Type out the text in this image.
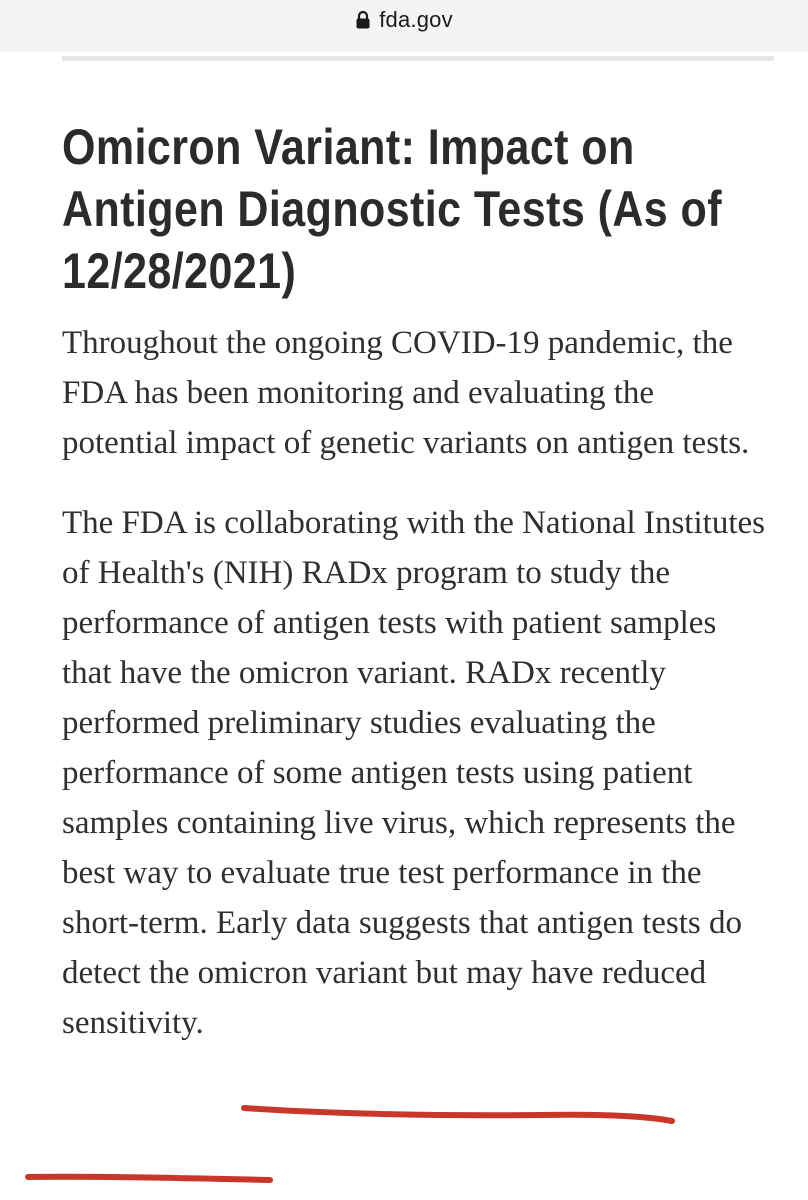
fda.gov
Omicron Variant: Impact on Antigen Diagnostic Tests (As of 12/28/2021)

Throughout the ongoing COVID-19 pandemic, the FDA has been monitoring and evaluating the potential impact of genetic variants on antigen tests.

The FDA is collaborating with the National Institutes of Health's (NIH) RADx program to study the performance of antigen tests with patient samples that have the omicron variant. RADx recently performed preliminary studies evaluating the performance of some antigen tests using patient samples containing live virus, which represents the best way to evaluate true test performance in the short-term. Early data suggests that antigen tests do detect the omicron variant but may have reduced sensitivity.
